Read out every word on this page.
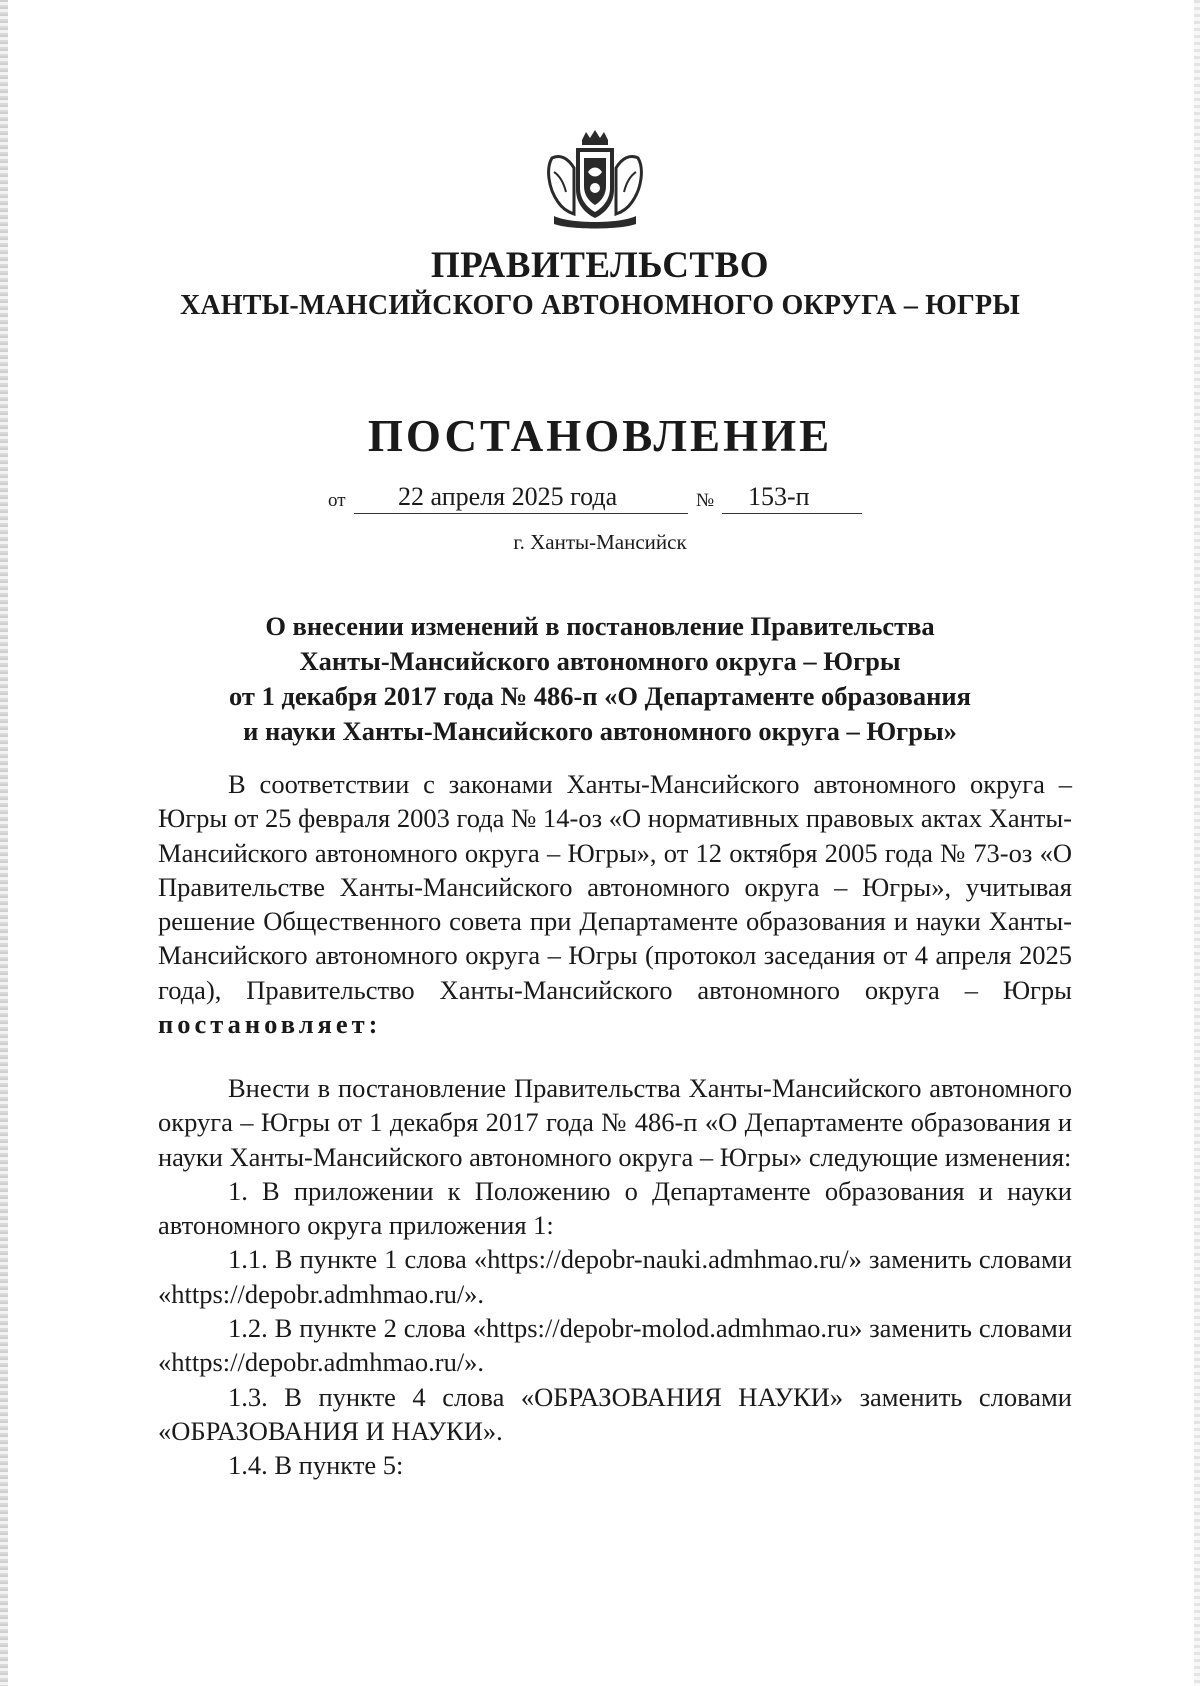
ПРАВИТЕЛЬСТВО
ХАНТЫ-МАНСИЙСКОГО АВТОНОМНОГО ОКРУГА – ЮГРЫ
ПОСТАНОВЛЕНИЕ
от 22 апреля 2025 года	№ 153-п

г. Ханты-Мансийск

О внесении изменений в постановление Правительства
Ханты-Мансийского автономного округа – Югры
от 1 декабря 2017 года № 486-п «О Департаменте образования
и науки Ханты-Мансийского автономного округа – Югры»

В соответствии с законами Ханты-Мансийского автономного округа – Югры от 25 февраля 2003 года № 14-оз «О нормативных правовых актах Ханты-Мансийского автономного округа – Югры», от 12 октября 2005 года № 73-оз «О Правительстве Ханты-Мансийского автономного округа – Югры», учитывая решение Общественного совета при Департаменте образования и науки Ханты-Мансийского автономного округа – Югры (протокол заседания от 4 апреля 2025 года), Правительство Ханты-Мансийского автономного округа – Югры постановляет:

Внести в постановление Правительства Ханты-Мансийского автономного округа – Югры от 1 декабря 2017 года № 486-п «О Департаменте образования и науки Ханты-Мансийского автономного округа – Югры» следующие изменения:

1. В приложении к Положению о Департаменте образования и науки автономного округа приложения 1:

1.1. В пункте 1 слова «https://depobr-nauki.admhmao.ru/» заменить словами «https://depobr.admhmao.ru/».

1.2. В пункте 2 слова «https://depobr-molod.admhmao.ru» заменить словами «https://depobr.admhmao.ru/».

1.3. В пункте 4 слова «ОБРАЗОВАНИЯ НАУКИ» заменить словами «ОБРАЗОВАНИЯ И НАУКИ».

1.4. В пункте 5:
